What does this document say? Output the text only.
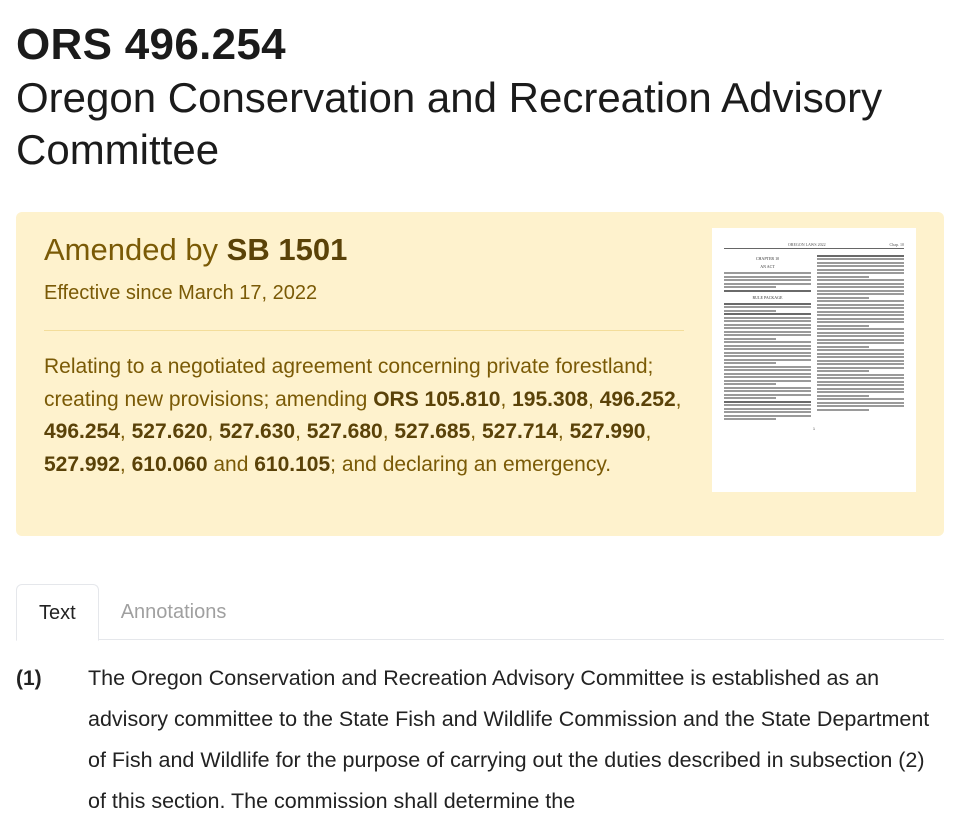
ORS 496.254
Oregon Conservation and Recreation Advisory Committee
Amended by SB 1501
Effective since March 17, 2022
Relating to a negotiated agreement concerning private forestland; creating new provisions; amending ORS 105.810, 195.308, 496.252, 496.254, 527.620, 527.630, 527.680, 527.685, 527.714, 527.990, 527.992, 610.060 and 610.105; and declaring an emergency.
OREGON LAWS 2022	Chap. 10
CHAPTER 10
AN ACT
RULE PACKAGE
1
Text	Annotations
(1)	The Oregon Conservation and Recreation Advisory Committee is established as an advisory committee to the State Fish and Wildlife Commission and the State Department of Fish and Wildlife for the purpose of carrying out the duties described in subsection (2) of this section. The commission shall determine the
